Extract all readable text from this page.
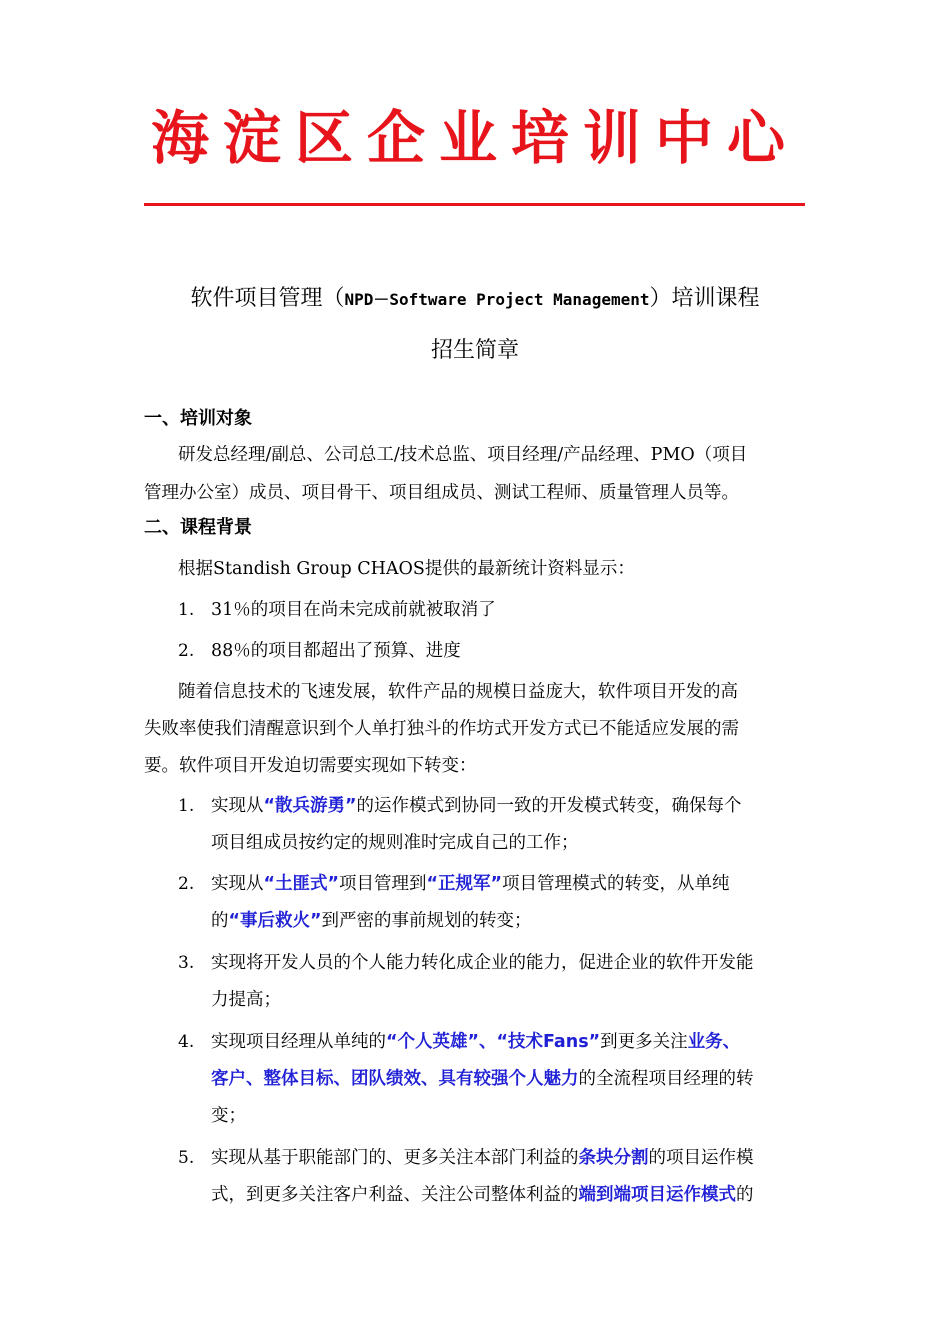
海淀区企业培训中心
软件项目管理（NPD－Software Project Management）培训课程
招生简章
一、培训对象
研发总经理/副总、公司总工/技术总监、项目经理/产品经理、PMO（项目
管理办公室）成员、项目骨干、项目组成员、测试工程师、质量管理人员等。
二、课程背景
根据Standish Group CHAOS提供的最新统计资料显示：
1. 31％的项目在尚未完成前就被取消了
2. 88％的项目都超出了预算、进度
随着信息技术的飞速发展，软件产品的规模日益庞大，软件项目开发的高
失败率使我们清醒意识到个人单打独斗的作坊式开发方式已不能适应发展的需
要。软件项目开发迫切需要实现如下转变：
1. 实现从“散兵游勇”的运作模式到协同一致的开发模式转变，确保每个
项目组成员按约定的规则准时完成自己的工作；
2. 实现从“土匪式”项目管理到“正规军”项目管理模式的转变，从单纯
的“事后救火”到严密的事前规划的转变；
3. 实现将开发人员的个人能力转化成企业的能力，促进企业的软件开发能
力提高；
4. 实现项目经理从单纯的“个人英雄”、“技术Fans”到更多关注业务、
客户、整体目标、团队绩效、具有较强个人魅力的全流程项目经理的转
变；
5. 实现从基于职能部门的、更多关注本部门利益的条块分割的项目运作模
式，到更多关注客户利益、关注公司整体利益的端到端项目运作模式的
